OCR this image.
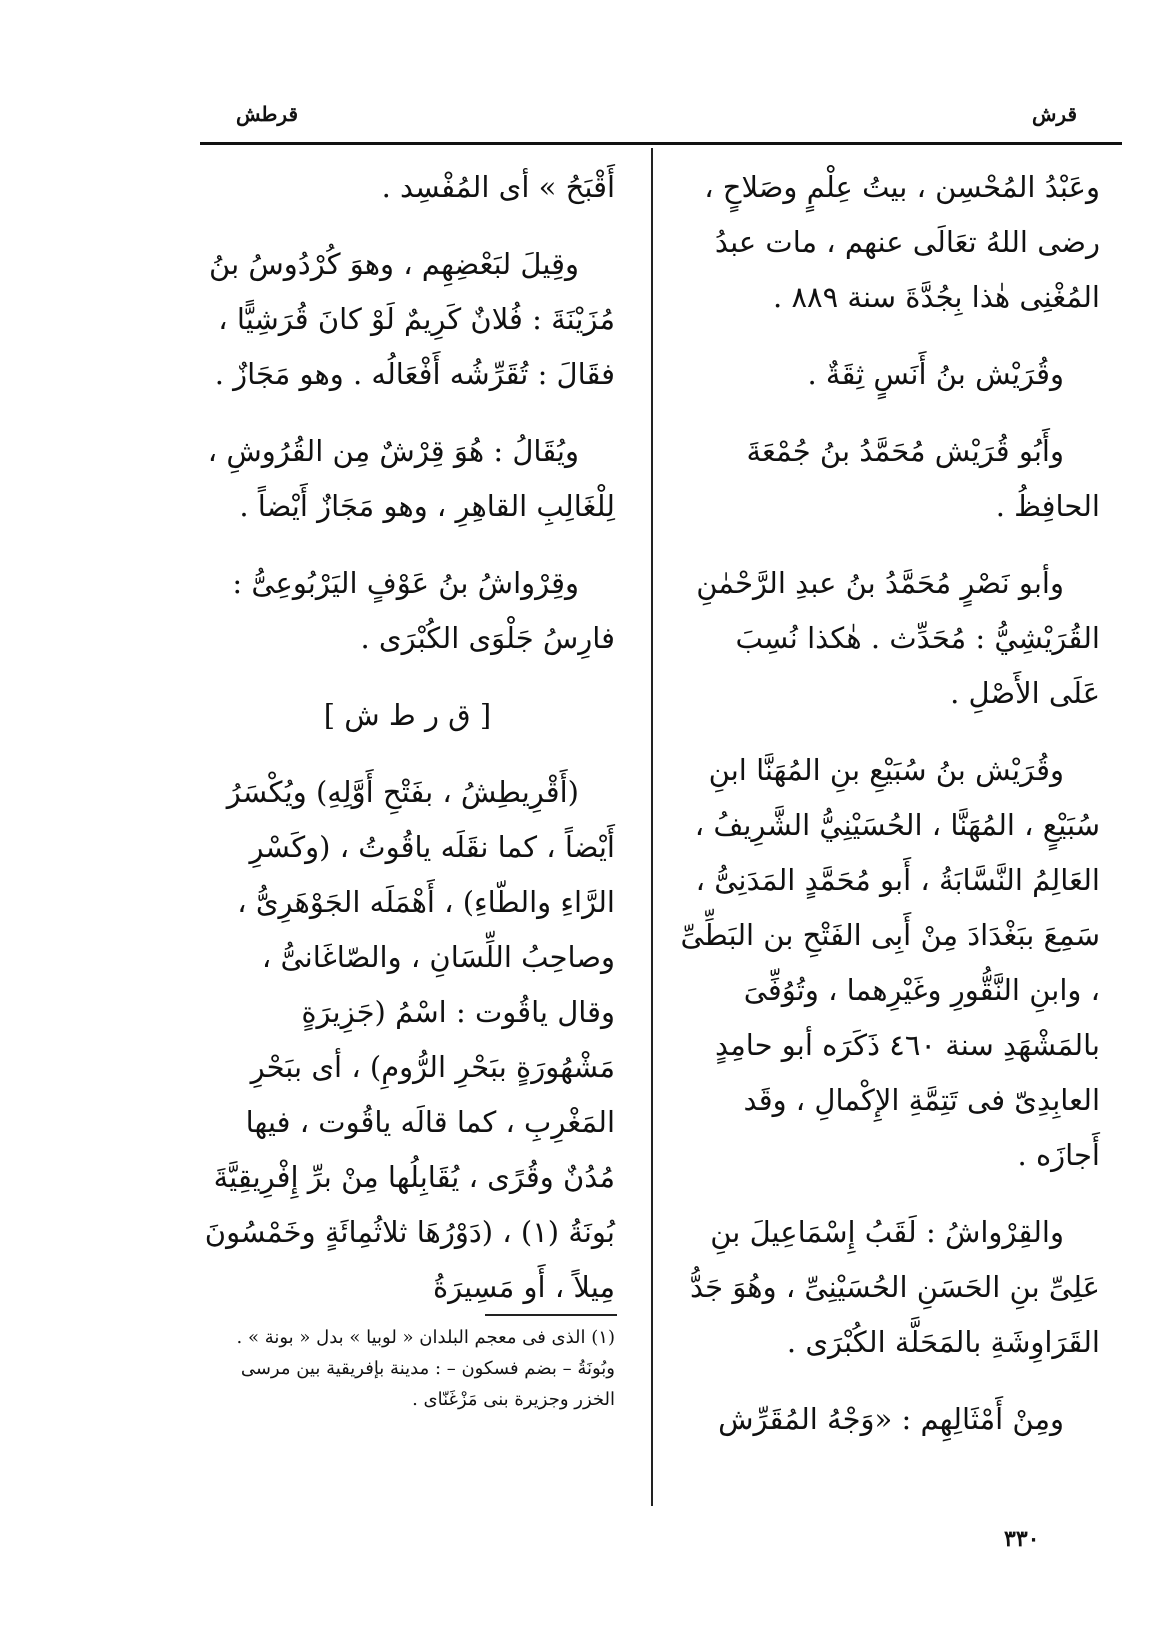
قرش
قرطش

وعَبْدُ المُحْسِن ، بيتُ عِلْمٍ وصَلاحٍ ، رضى اللهُ تعَالَى عنهم ، مات عبدُ المُغْنِى هٰذا بِجُدَّةَ سنة ٨٨٩ .

وقُرَيْش بنُ أَنَسٍ ثِقَةٌ .

وأَبُو قُرَيْش مُحَمَّدُ بنُ جُمْعَةَ الحافِظُ .

وأبو نَصْرٍ مُحَمَّدُ بنُ عبدِ الرَّحْمٰنِ القُرَيْشِيُّ : مُحَدِّث . هٰكذا نُسِبَ عَلَى الأَصْلِ .

وقُرَيْش بنُ سُبَيْعِ بنِ المُهَنَّا ابنِ سُبَيْعٍ ، المُهَنَّا ، الحُسَيْنِيُّ الشَّرِيفُ ، العَالِمُ النَّسَّابَةُ ، أَبو مُحَمَّدٍ المَدَنِىُّ ، سَمِعَ ببَغْدَادَ مِنْ أَبِى الفَتْحِ بن البَطِّىِّ ، وابنِ النَّقُّورِ وغَيْرِهما ، وتُوُفِّىَ بالمَشْهَدِ سنة ٤٦٠ ذَكَرَه أبو حامِدٍ العابِدِىّ فى تَتِمَّةِ الإِكْمالِ ، وقَد أَجازَه .

والقِرْواشُ : لَقَبُ إِسْمَاعِيلَ بنِ عَلِىِّ بنِ الحَسَنِ الحُسَيْنِىِّ ، وهُوَ جَدُّ القَرَاوِشَةِ بالمَحَلَّة الكُبْرَى .

ومِنْ أَمْثَالِهِم : «وَجْهُ المُقَرِّش

أَقْبَحُ » أى المُفْسِد .

وقِيلَ لبَعْضِهِم ، وهوَ كُرْدُوسُ بنُ مُزَيْنَةَ : فُلانٌ كَرِيمٌ لَوْ كانَ قُرَشِيًّا ، فقَالَ : تُقَرِّشُه أَفْعَالُه . وهو مَجَازٌ .

ويُقَالُ : هُوَ قِرْشٌ مِن القُرُوشِ ، لِلْغَالِبِ القاهِرِ ، وهو مَجَازٌ أَيْضاً .

وقِرْواشُ بنُ عَوْفٍ اليَرْبُوعِىُّ : فارِسُ جَلْوَى الكُبْرَى .

[ ق ر ط ش ]

(أَقْرِيطِشُ ، بفَتْحِ أَوَّلِهِ) ويُكْسَرُ أَيْضاً ، كما نقَلَه ياقُوتُ ، (وكَسْرِ الرَّاءِ والطّاءِ) ، أَهْمَلَه الجَوْهَرِىُّ ، وصاحِبُ اللِّسَانِ ، والصّاغَانىُّ ، وقال ياقُوت : اسْمُ (جَزِيرَةٍ مَشْهُورَةٍ ببَحْرِ الرُّومِ) ، أى ببَحْرِ المَغْرِبِ ، كما قالَه ياقُوت ، فيها مُدُنٌ وقُرًى ، يُقَابِلُها مِنْ برِّ إِفْرِيقِيَّةَ بُونَةُ (١) ، (دَوْرُهَا ثلاثُمِائَةٍ وخَمْسُونَ مِيلاً ، أَو مَسِيرَةُ

(١) الذى فى معجم البلدان « لوبيا » بدل « بونة » . وبُونَةُ – بضم فسكون – : مدينة بإفريقية بين مرسى الخزر وجزيرة بنى مَزْغَنّاى .
٣٣٠
